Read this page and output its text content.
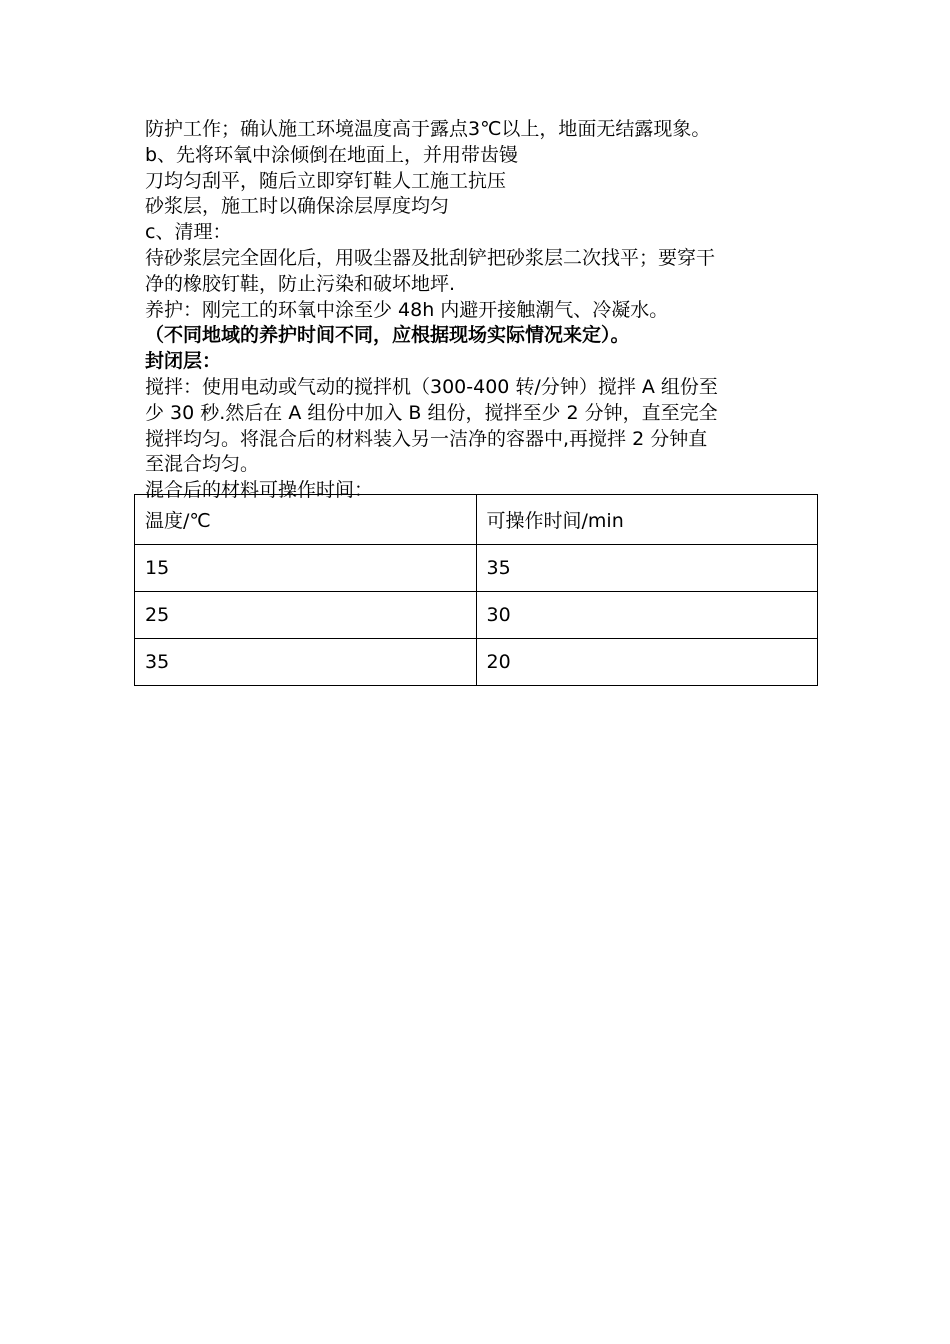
防护工作；确认施工环境温度高于露点3℃以上，地面无结露现象。

b、先将环氧中涂倾倒在地面上，并用带齿镘

刀均匀刮平，随后立即穿钉鞋人工施工抗压

砂浆层，施工时以确保涂层厚度均匀

c、清理：

待砂浆层完全固化后，用吸尘器及批刮铲把砂浆层二次找平；要穿干

净的橡胶钉鞋，防止污染和破坏地坪.

养护：刚完工的环氧中涂至少 48h 内避开接触潮气、冷凝水。

（不同地域的养护时间不同，应根据现场实际情况来定）。

封闭层：

搅拌：使用电动或气动的搅拌机（300-400 转/分钟）搅拌 A 组份至

少 30 秒.然后在 A 组份中加入 B 组份，搅拌至少 2 分钟，直至完全

搅拌均匀。将混合后的材料装入另一洁净的容器中,再搅拌 2 分钟直

至混合均匀。

混合后的材料可操作时间：

温度/℃	可操作时间/min
15	35
25	30
35	20
